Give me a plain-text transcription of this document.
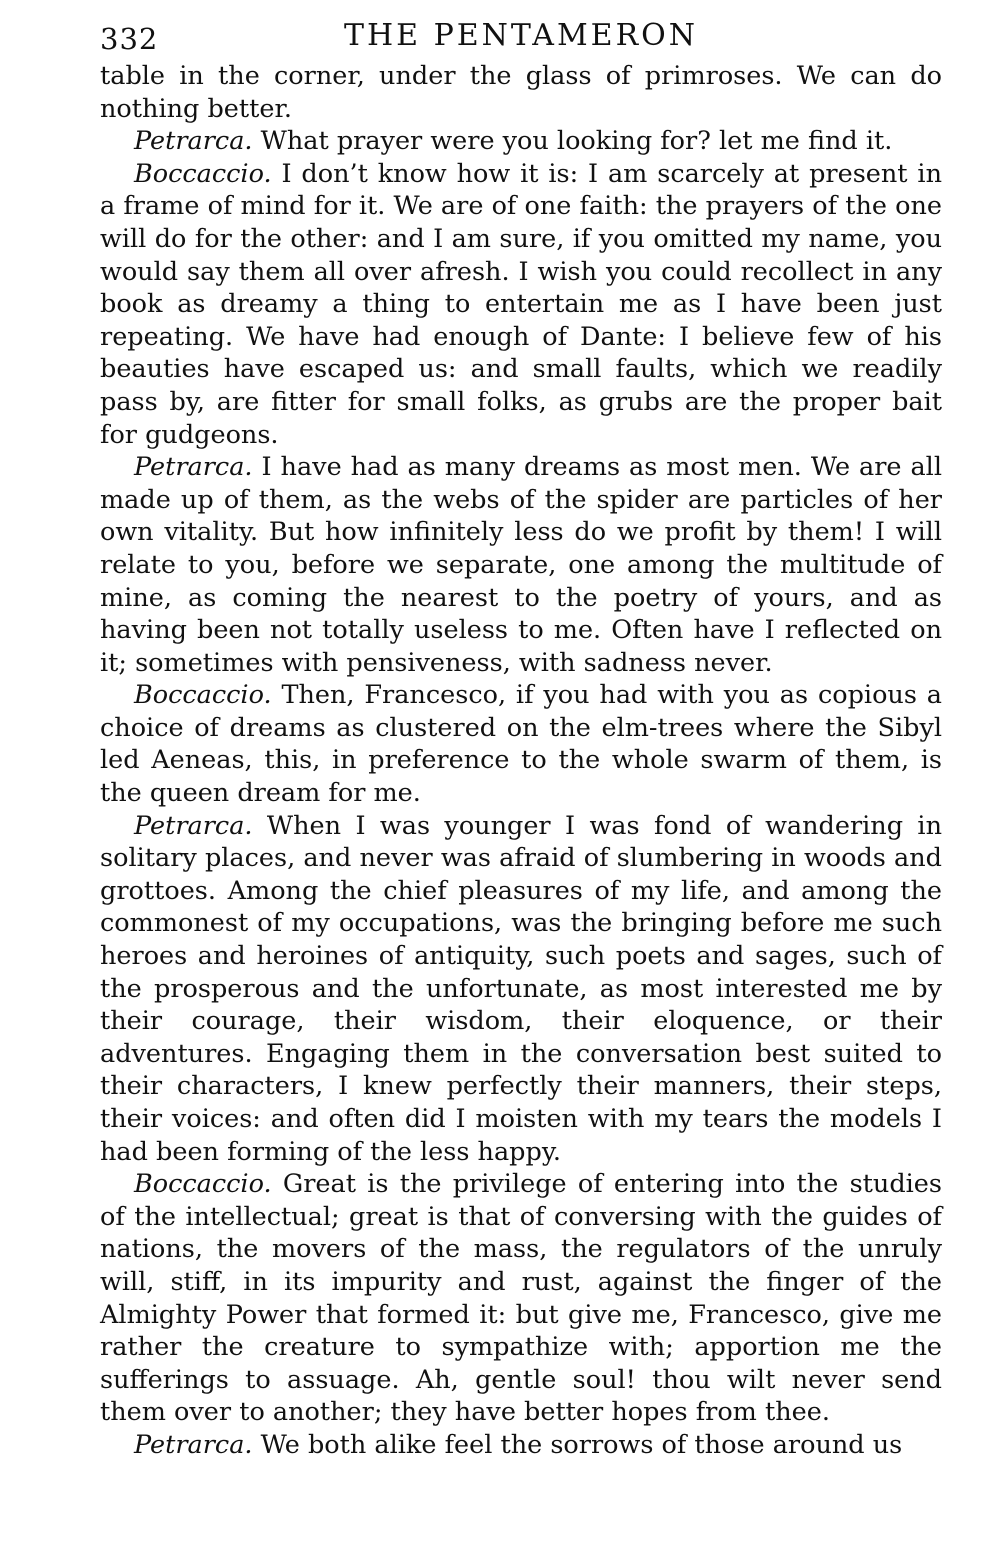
332	THE PENTAMERON

table in the corner, under the glass of primroses. We can do nothing better.

Petrarca. What prayer were you looking for? let me find it.

Boccaccio. I don’t know how it is: I am scarcely at present in a frame of mind for it. We are of one faith: the prayers of the one will do for the other: and I am sure, if you omitted my name, you would say them all over afresh. I wish you could recollect in any book as dreamy a thing to entertain me as I have been just repeating. We have had enough of Dante: I believe few of his beauties have escaped us: and small faults, which we readily pass by, are fitter for small folks, as grubs are the proper bait for gudgeons.

Petrarca. I have had as many dreams as most men. We are all made up of them, as the webs of the spider are particles of her own vitality. But how infinitely less do we profit by them! I will relate to you, before we separate, one among the multitude of mine, as coming the nearest to the poetry of yours, and as having been not totally useless to me. Often have I reflected on it; sometimes with pensiveness, with sadness never.

Boccaccio. Then, Francesco, if you had with you as copious a choice of dreams as clustered on the elm-trees where the Sibyl led Aeneas, this, in preference to the whole swarm of them, is the queen dream for me.

Petrarca. When I was younger I was fond of wandering in solitary places, and never was afraid of slumbering in woods and grottoes. Among the chief pleasures of my life, and among the commonest of my occupations, was the bringing before me such heroes and heroines of antiquity, such poets and sages, such of the prosperous and the unfortunate, as most interested me by their courage, their wisdom, their eloquence, or their adventures. Engaging them in the conversation best suited to their characters, I knew perfectly their manners, their steps, their voices: and often did I moisten with my tears the models I had been forming of the less happy.

Boccaccio. Great is the privilege of entering into the studies of the intellectual; great is that of conversing with the guides of nations, the movers of the mass, the regulators of the unruly will, stiff, in its impurity and rust, against the finger of the Almighty Power that formed it: but give me, Francesco, give me rather the creature to sympathize with; apportion me the sufferings to assuage. Ah, gentle soul! thou wilt never send them over to another; they have better hopes from thee.

Petrarca. We both alike feel the sorrows of those around us
